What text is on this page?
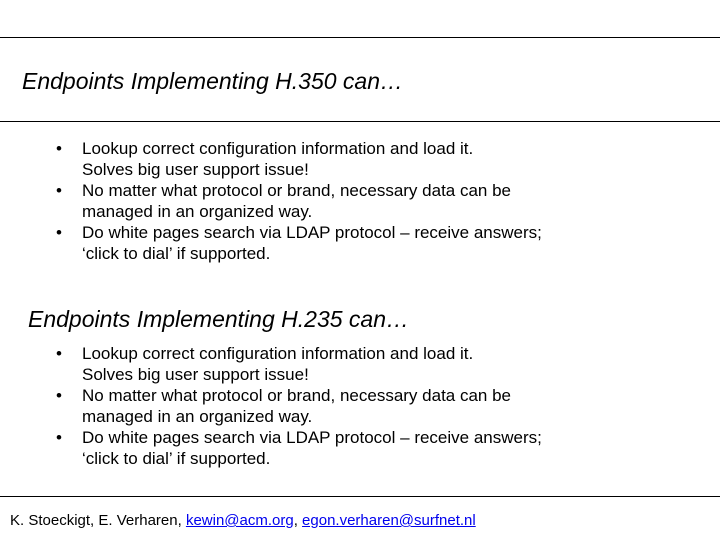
Endpoints Implementing H.350 can…
• Lookup correct configuration information and load it.
Solves big user support issue!
• No matter what protocol or brand, necessary data can be
managed in an organized way.
• Do white pages search via LDAP protocol – receive answers;
‘click to dial’ if supported.
Endpoints Implementing H.235 can…
• Lookup correct configuration information and load it.
Solves big user support issue!
• No matter what protocol or brand, necessary data can be
managed in an organized way.
• Do white pages search via LDAP protocol – receive answers;
‘click to dial’ if supported.
K. Stoeckigt, E. Verharen, kewin@acm.org, egon.verharen@surfnet.nl
